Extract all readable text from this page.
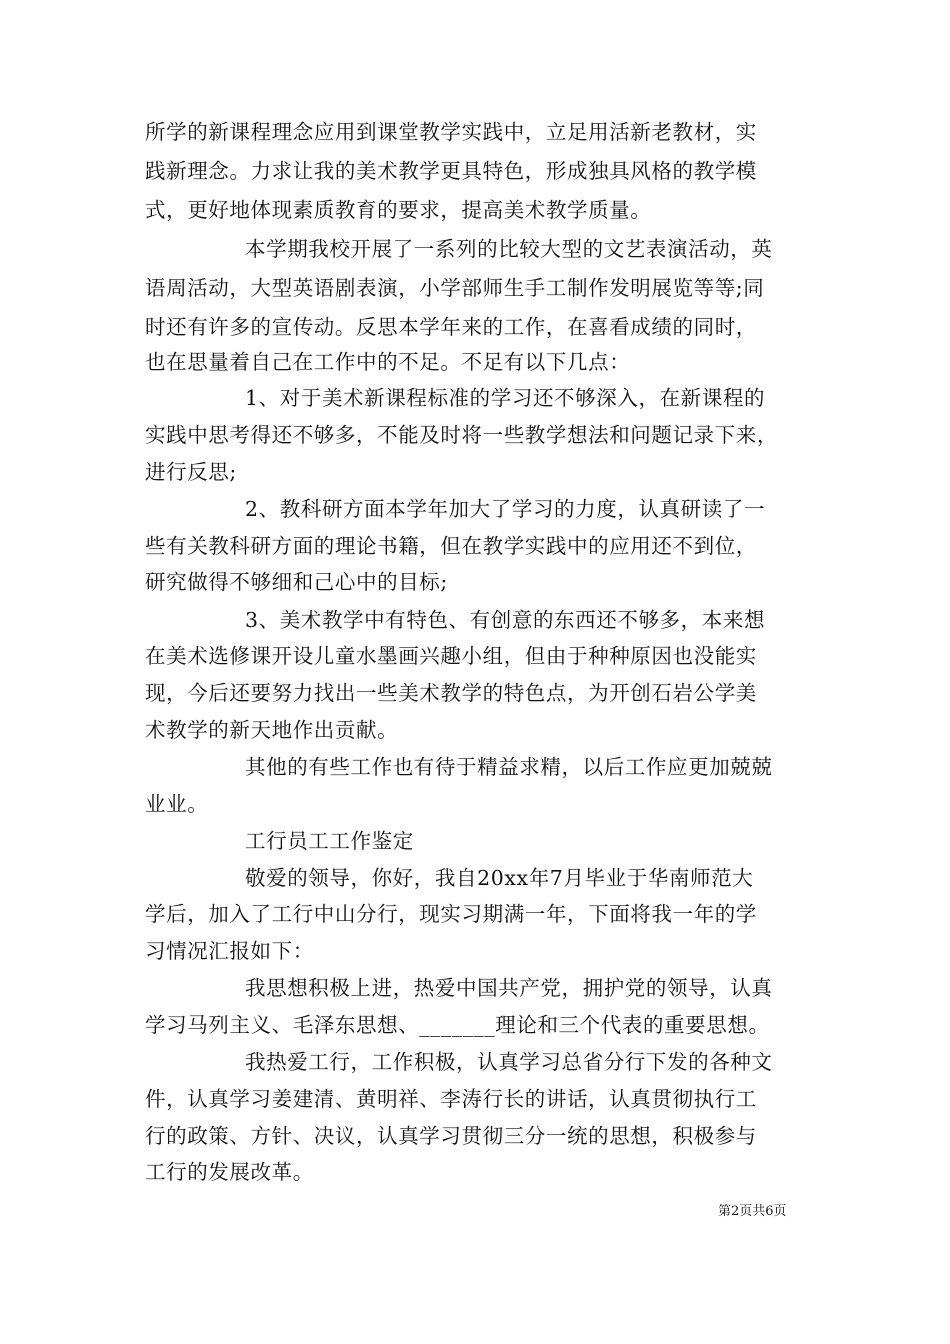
所学的新课程理念应用到课堂教学实践中，立足用活新老教材，实
践新理念。力求让我的美术教学更具特色，形成独具风格的教学模
式，更好地体现素质教育的要求，提高美术教学质量。
本学期我校开展了一系列的比较大型的文艺表演活动，英
语周活动，大型英语剧表演，小学部师生手工制作发明展览等等;同
时还有许多的宣传动。反思本学年来的工作，在喜看成绩的同时，
也在思量着自己在工作中的不足。不足有以下几点：
1、对于美术新课程标准的学习还不够深入，在新课程的
实践中思考得还不够多，不能及时将一些教学想法和问题记录下来，
进行反思;
2、教科研方面本学年加大了学习的力度，认真研读了一
些有关教科研方面的理论书籍，但在教学实践中的应用还不到位，
研究做得不够细和己心中的目标;
3、美术教学中有特色、有创意的东西还不够多，本来想
在美术选修课开设儿童水墨画兴趣小组，但由于种种原因也没能实
现，今后还要努力找出一些美术教学的特色点，为开创石岩公学美
术教学的新天地作出贡献。
其他的有些工作也有待于精益求精，以后工作应更加兢兢
业业。
工行员工工作鉴定
敬爱的领导，你好，我自20xx年7月毕业于华南师范大
学后，加入了工行中山分行，现实习期满一年，下面将我一年的学
习情况汇报如下：
我思想积极上进，热爱中国共产党，拥护党的领导，认真
学习马列主义、毛泽东思想、_______理论和三个代表的重要思想。
我热爱工行，工作积极，认真学习总省分行下发的各种文
件，认真学习姜建清、黄明祥、李涛行长的讲话，认真贯彻执行工
行的政策、方针、决议，认真学习贯彻三分一统的思想，积极参与
工行的发展改革。
第2页共6页
